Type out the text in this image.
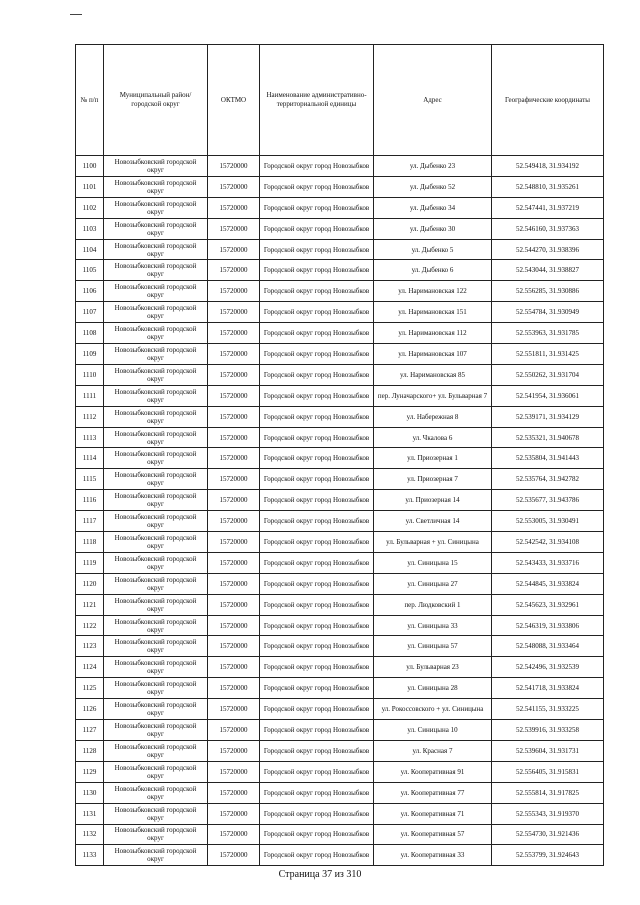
№ п/п	Муниципальный район/городской округ	ОКТМО	Наименование административно-территориальной единицы	Адрес	Географические координаты
1100	Новозыбковский городской округ	15720000	Городской округ город Новозыбков	ул. Дыбенко 23	52.549418, 31.934192
1101	Новозыбковский городской округ	15720000	Городской округ город Новозыбков	ул. Дыбенко 52	52.548810, 31.935261
1102	Новозыбковский городской округ	15720000	Городской округ город Новозыбков	ул. Дыбенко 34	52.547441, 31.937219
1103	Новозыбковский городской округ	15720000	Городской округ город Новозыбков	ул. Дыбенко 30	52.546160, 31.937363
1104	Новозыбковский городской округ	15720000	Городской округ город Новозыбков	ул. Дыбенко 5	52.544270, 31.938396
1105	Новозыбковский городской округ	15720000	Городской округ город Новозыбков	ул. Дыбенко 6	52.543044, 31.938827
1106	Новозыбковский городской округ	15720000	Городской округ город Новозыбков	ул. Наримановская 122	52.556285, 31.930886
1107	Новозыбковский городской округ	15720000	Городской округ город Новозыбков	ул. Наримановская 151	52.554784, 31.930949
1108	Новозыбковский городской округ	15720000	Городской округ город Новозыбков	ул. Наримановская 112	52.553963, 31.931785
1109	Новозыбковский городской округ	15720000	Городской округ город Новозыбков	ул. Наримановская 107	52.551811, 31.931425
1110	Новозыбковский городской округ	15720000	Городской округ город Новозыбков	ул. Наримановская 85	52.550262, 31.931704
1111	Новозыбковский городской округ	15720000	Городской округ город Новозыбков	пер. Луначарского+ ул. Бульварная 7	52.541954, 31.936061
1112	Новозыбковский городской округ	15720000	Городской округ город Новозыбков	ул. Набережная 8	52.539171, 31.934129
1113	Новозыбковский городской округ	15720000	Городской округ город Новозыбков	ул. Чкалова 6	52.535321, 31.940678
1114	Новозыбковский городской округ	15720000	Городской округ город Новозыбков	ул. Приозерная 1	52.535804, 31.941443
1115	Новозыбковский городской округ	15720000	Городской округ город Новозыбков	ул. Приозерная 7	52.535764, 31.942782
1116	Новозыбковский городской округ	15720000	Городской округ город Новозыбков	ул. Приозерная 14	52.535677, 31.943786
1117	Новозыбковский городской округ	15720000	Городской округ город Новозыбков	ул. Светличная 14	52.553005, 31.930491
1118	Новозыбковский городской округ	15720000	Городской округ город Новозыбков	ул. Бульварная + ул. Синицына	52.542542, 31.934108
1119	Новозыбковский городской округ	15720000	Городской округ город Новозыбков	ул. Синицына 15	52.543433, 31.933716
1120	Новозыбковский городской округ	15720000	Городской округ город Новозыбков	ул. Синицына 27	52.544845, 31.933824
1121	Новозыбковский городской округ	15720000	Городской округ город Новозыбков	пер. Людковский 1	52.545623, 31.932961
1122	Новозыбковский городской округ	15720000	Городской округ город Новозыбков	ул. Синицына 33	52.546319, 31.933806
1123	Новозыбковский городской округ	15720000	Городской округ город Новозыбков	ул. Синицына 57	52.548088, 31.933464
1124	Новозыбковский городской округ	15720000	Городской округ город Новозыбков	ул. Бульварная 23	52.542496, 31.932539
1125	Новозыбковский городской округ	15720000	Городской округ город Новозыбков	ул. Синицына 28	52.541718, 31.933824
1126	Новозыбковский городской округ	15720000	Городской округ город Новозыбков	ул. Рокоссовского + ул. Синицына	52.541155, 31.933225
1127	Новозыбковский городской округ	15720000	Городской округ город Новозыбков	ул. Синицына 10	52.539916, 31.933258
1128	Новозыбковский городской округ	15720000	Городской округ город Новозыбков	ул. Красная 7	52.539604, 31.931731
1129	Новозыбковский городской округ	15720000	Городской округ город Новозыбков	ул. Кооперативная 91	52.556405, 31.915831
1130	Новозыбковский городской округ	15720000	Городской округ город Новозыбков	ул. Кооперативная 77	52.555814, 31.917825
1131	Новозыбковский городской округ	15720000	Городской округ город Новозыбков	ул. Кооперативная 71	52.555343, 31.919370
1132	Новозыбковский городской округ	15720000	Городской округ город Новозыбков	ул. Кооперативная 57	52.554730, 31.921436
1133	Новозыбковский городской округ	15720000	Городской округ город Новозыбков	ул. Кооперативная 33	52.553799, 31.924643
Страница 37 из 310
